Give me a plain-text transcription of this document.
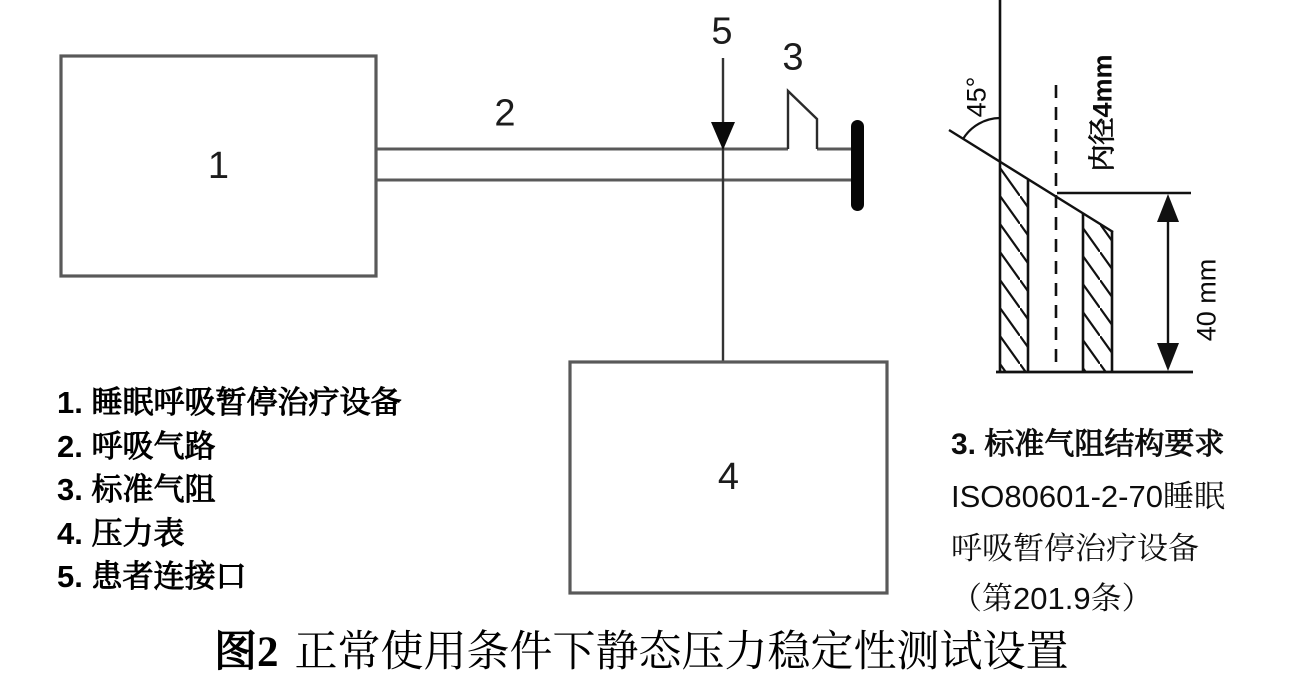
1
2
3
4
5
45°	内径4mm
40 mm
1. 睡眠呼吸暂停治疗设备
2. 呼吸气路
3. 标准气阻
4. 压力表
5. 患者连接口
3. 标准气阻结构要求
ISO80601-2-70睡眠
呼吸暂停治疗设备
（第201.9条）
图2 正常使用条件下静态压力稳定性测试设置
